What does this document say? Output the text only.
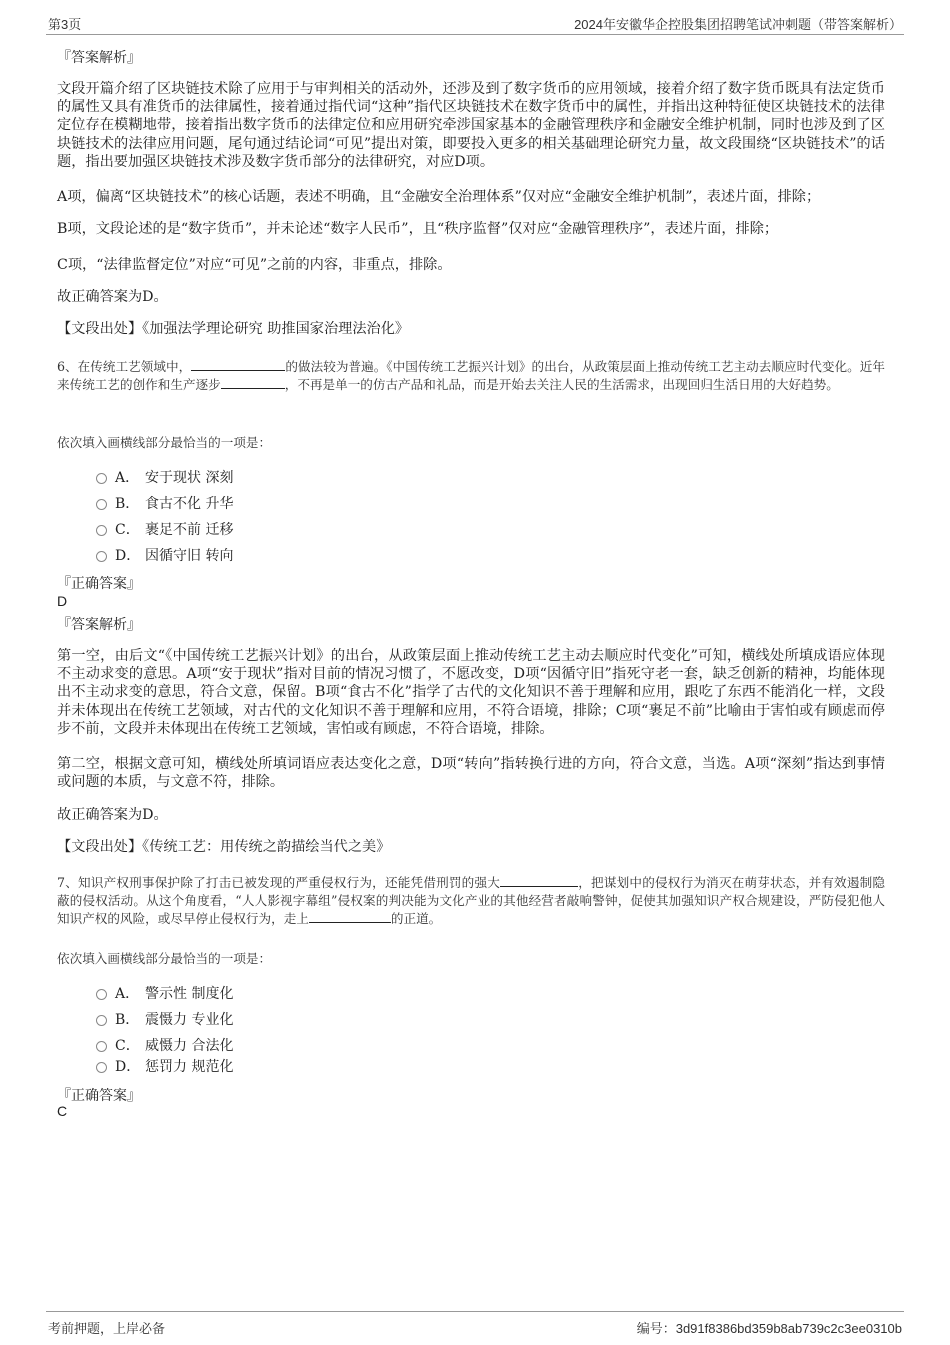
第3页	2024年安徽华企控股集团招聘笔试冲刺题（带答案解析）
『答案解析』
文段开篇介绍了区块链技术除了应用于与审判相关的活动外，还涉及到了数字货币的应用领域，接着介绍了数字货币既具有法定货币的属性又具有准货币的法律属性，接着通过指代词“这种”指代区块链技术在数字货币中的属性，并指出这种特征使区块链技术的法律定位存在模糊地带，接着指出数字货币的法律定位和应用研究牵涉国家基本的金融管理秩序和金融安全维护机制，同时也涉及到了区块链技术的法律应用问题，尾句通过结论词“可见”提出对策，即要投入更多的相关基础理论研究力量，故文段围绕“区块链技术”的话题，指出要加强区块链技术涉及数字货币部分的法律研究，对应D项。
A项，偏离“区块链技术”的核心话题，表述不明确，且“金融安全治理体系”仅对应“金融安全维护机制”，表述片面，排除；
B项，文段论述的是“数字货币”，并未论述“数字人民币”，且“秩序监督”仅对应“金融管理秩序”，表述片面，排除；
C项，“法律监督定位”对应“可见”之前的内容，非重点，排除。
故正确答案为D。
【文段出处】《加强法学理论研究 助推国家治理法治化》
6、在传统工艺领域中，	的做法较为普遍。《中国传统工艺振兴计划》的出台，从政策层面上推动传统工艺主动去顺应时代变化。近年来传统工艺的创作和生产逐步	，不再是单一的仿古产品和礼品，而是开始去关注人民的生活需求，出现回归生活日用的大好趋势。
依次填入画横线部分最恰当的一项是：
A． 安于现状 深刻
B． 食古不化 升华
C． 裹足不前 迁移
D． 因循守旧 转向
『正确答案』
D
『答案解析』
第一空，由后文“《中国传统工艺振兴计划》的出台，从政策层面上推动传统工艺主动去顺应时代变化”可知，横线处所填成语应体现不主动求变的意思。A项“安于现状”指对目前的情况习惯了，不愿改变，D项“因循守旧”指死守老一套，缺乏创新的精神，均能体现出不主动求变的意思，符合文意，保留。B项“食古不化”指学了古代的文化知识不善于理解和应用，跟吃了东西不能消化一样，文段并未体现出在传统工艺领域，对古代的文化知识不善于理解和应用，不符合语境，排除；C项“裹足不前”比喻由于害怕或有顾虑而停步不前，文段并未体现出在传统工艺领域，害怕或有顾虑，不符合语境，排除。
第二空，根据文意可知，横线处所填词语应表达变化之意，D项“转向”指转换行进的方向，符合文意，当选。A项“深刻”指达到事情或问题的本质，与文意不符，排除。
故正确答案为D。
【文段出处】《传统工艺：用传统之韵描绘当代之美》
7、知识产权刑事保护除了打击已被发现的严重侵权行为，还能凭借刑罚的强大	，把谋划中的侵权行为消灭在萌芽状态，并有效遏制隐蔽的侵权活动。从这个角度看，“人人影视字幕组”侵权案的判决能为文化产业的其他经营者敲响警钟，促使其加强知识产权合规建设，严防侵犯他人知识产权的风险，或尽早停止侵权行为，走上	的正道。
依次填入画横线部分最恰当的一项是：
A． 警示性 制度化
B． 震慑力 专业化
C． 威慑力 合法化
D． 惩罚力 规范化
『正确答案』
C
考前押题，上岸必备	编号：3d91f8386bd359b8ab739c2c3ee0310b
